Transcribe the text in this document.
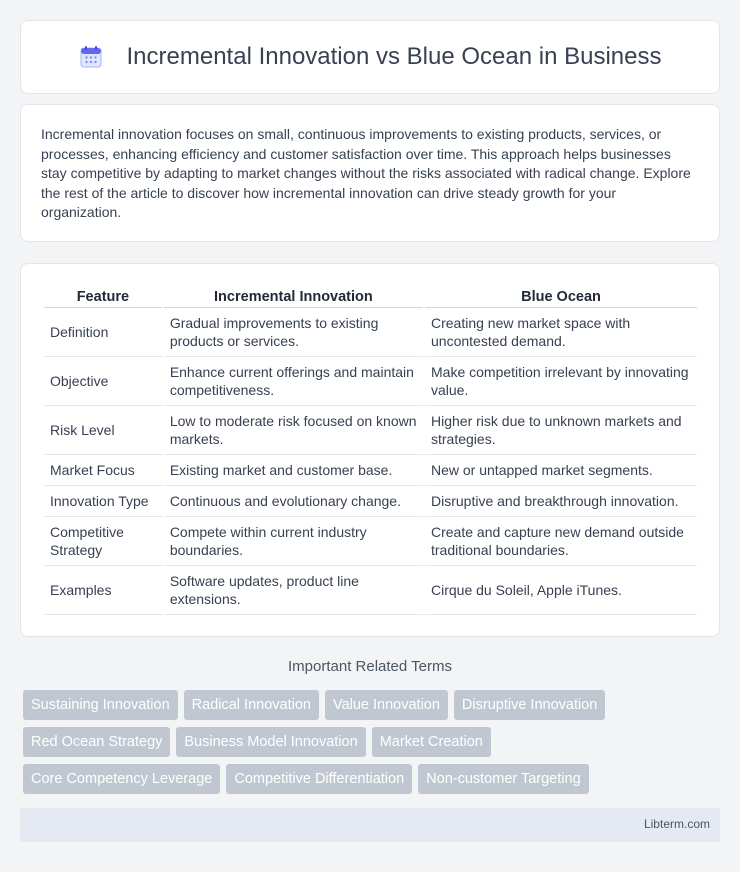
Incremental Innovation vs Blue Ocean in Business

Incremental innovation focuses on small, continuous improvements to existing products, services, or processes, enhancing efficiency and customer satisfaction over time. This approach helps businesses stay competitive by adapting to market changes without the risks associated with radical change. Explore the rest of the article to discover how incremental innovation can drive steady growth for your organization.

Feature	Incremental Innovation	Blue Ocean
Definition	Gradual improvements to existing products or services.	Creating new market space with uncontested demand.
Objective	Enhance current offerings and maintain competitiveness.	Make competition irrelevant by innovating value.
Risk Level	Low to moderate risk focused on known markets.	Higher risk due to unknown markets and strategies.
Market Focus	Existing market and customer base.	New or untapped market segments.
Innovation Type	Continuous and evolutionary change.	Disruptive and breakthrough innovation.
Competitive Strategy	Compete within current industry boundaries.	Create and capture new demand outside traditional boundaries.
Examples	Software updates, product line extensions.	Cirque du Soleil, Apple iTunes.
Important Related Terms
Sustaining Innovation	Radical Innovation	Value Innovation	Disruptive Innovation
Red Ocean Strategy	Business Model Innovation	Market Creation
Core Competency Leverage	Competitive Differentiation	Non-customer Targeting
Libterm.com
